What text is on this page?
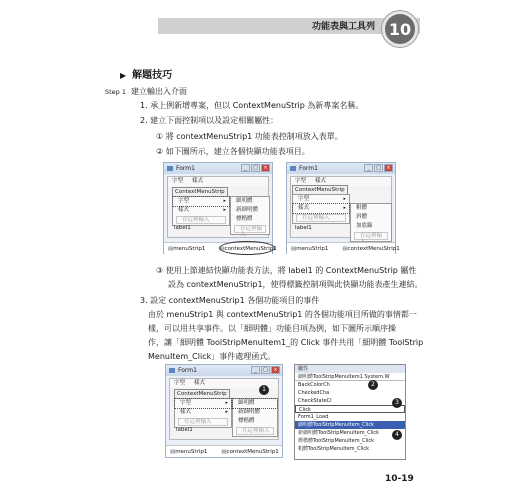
功能表與工具列 10
▶ 解題技巧
Step 1 建立輸出入介面
1. 承上例新增專案，但以 ContextMenuStrip 為新專案名稱。
2. 建立下面控制項以及設定相關屬性：
① 將 contextMenuStrip1 功能表控制項放入表單。
② 如下圖所示，建立各個快顯功能表項目。
Form1	_	□	×
字型 樣式
ContextMenuStrip
字型 ▸
樣式 ▸
在這裡輸入
細明體
新細明體
標楷體
在這裡輸入
label1
▤ menuStrip1	▤ contextMenuStrip1
Form1	_	□	×
字型 樣式
ContextMenuStrip
字型 ▸
樣式 ▸
在這裡輸入
粗體
斜體
加底線
在這裡輸
label1
▤ menuStrip1	▤ contextMenuStrip1
③ 使用上節連結快顯功能表方法，將 label1 的 ContextMenuStrip 屬性
設為 contextMenuStrip1，使得標籤控制項與此快顯功能表產生連結。
3. 設定 contextMenuStrip1 各個功能項目的事件
由於 menuStrip1 與 contextMenuStrip1 的各個功能項目所做的事情都一
樣，可以用共享事件。以「細明體」功能目項為例，如下圖所示順序操
作，讓「細明體 ToolStripMenuItem1_的 Click 事件共用「細明體 ToolStrip
MenuItem_Click」事件處理函式。
Form1	_	□	×
字型 樣式
ContextMenuStrip
字型 ▸
樣式 ▸
在這裡輸入
細明體
新細明體
標楷體
在這裡輸入
label1
▤ menuStrip1	▤ contextMenuStrip1
1
屬性
細明體ToolStripMenuItem1 System.W
BackColorCh
CheckedCha
CheckStateCl
Click
Form1_Load
細明體ToolStripMenuItem_Click
新細明體ToolStripMenuItem_Click
標楷體ToolStripMenuItem_Click
粗體ToolStripMenuItem_Click
2
3
4
10-19
